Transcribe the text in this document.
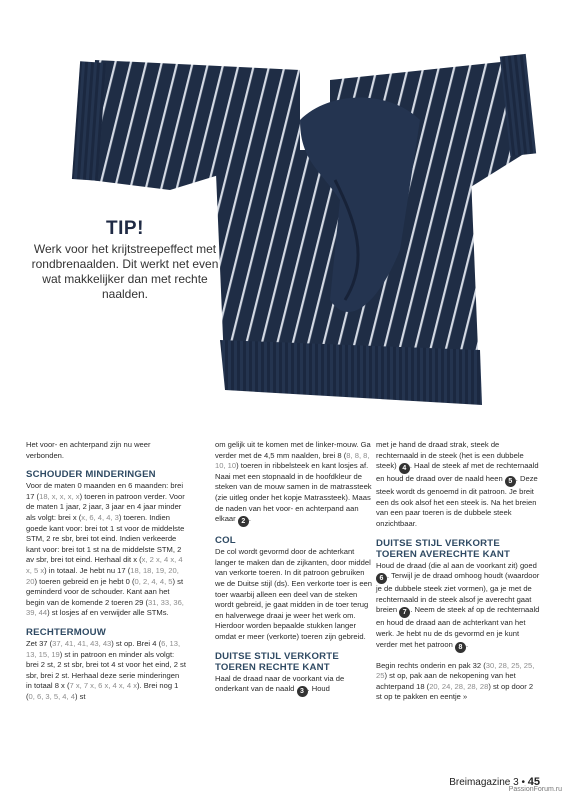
TIP!
Werk voor het krijtstreepeffect met rondbrenaalden. Dit werkt net even wat makkelijker dan met rechte naalden.

Het voor- en achterpand zijn nu weer verbonden.

SCHOUDER MINDERINGEN

Voor de maten 0 maanden en 6 maanden: brei 17 (18, x, x, x, x) toeren in patroon verder. Voor de maten 1 jaar, 2 jaar, 3 jaar en 4 jaar minder als volgt: brei x (x, 6, 4, 4, 3) toeren. Indien goede kant voor: brei tot 1 st voor de middelste STM, 2 re sbr, brei tot eind. Indien verkeerde kant voor: brei tot 1 st na de middelste STM, 2 av sbr, brei tot eind. Herhaal dit x (x, 2 x, 4 x, 4 x, 5 x) in totaal. Je hebt nu 17 (18, 18, 19, 20, 20) toeren gebreid en je hebt 0 (0, 2, 4, 4, 5) st geminderd voor de schouder. Kant aan het begin van de komende 2 toeren 29 (31, 33, 36, 39, 44) st losjes af en verwijder alle STMs.

RECHTERMOUW

Zet 37 (37, 41, 41, 43, 43) st op. Brei 4 (6, 13, 13, 15, 19) st in patroon en minder als volgt: brei 2 st, 2 st sbr, brei tot 4 st voor het eind, 2 st sbr, brei 2 st. Herhaal deze serie minderingen in totaal 8 x (7 x, 7 x, 6 x, 4 x, 4 x). Brei nog 1 (0, 6, 3, 5, 4, 4) st

om gelijk uit te komen met de linker-mouw. Ga verder met de 4,5 mm naalden, brei 8 (8, 8, 8, 10, 10) toeren in ribbelsteek en kant losjes af. Naai met een stopnaald in de hoofdkleur de steken van de mouw samen in de matrassteek (zie uitleg onder het kopje Matrassteek). Maas de naden van het voor- en achterpand aan elkaar 2 .

COL

De col wordt gevormd door de achterkant langer te maken dan de zijkanten, door middel van verkorte toeren. In dit patroon gebruiken we de Duitse stijl (ds). Een verkorte toer is een toer waarbij alleen een deel van de steken wordt gebreid, je gaat midden in de toer terug en halverwege draai je weer het werk om. Hierdoor worden bepaalde stukken langer omdat er meer (verkorte) toeren zijn gebreid.

DUITSE STIJL VERKORTE TOEREN RECHTE KANT

Haal de draad naar de voorkant via de onderkant van de naald 3 . Houd

met je hand de draad strak, steek de rechternaald in de steek (het is een dubbele steek) 4 . Haal de steek af met de rechternaald en houd de draad over de naald heen 5 . Deze steek wordt ds genoemd in dit patroon. Je breit een ds ook alsof het een steek is. Na het breien van een paar toeren is de dubbele steek onzichtbaar.

DUITSE STIJL VERKORTE TOEREN AVERECHTE KANT

Houd de draad (die al aan de voorkant zit) goed 6 . Terwijl je de draad omhoog houdt (waardoor je de dubbele steek ziet vormen), ga je met de rechternaald in de steek alsof je averecht gaat breien 7 . Neem de steek af op de rechternaald en houd de draad aan de achterkant van het werk. Je hebt nu de ds gevormd en je kunt verder met het patroon 8 .

Begin rechts onderin en pak 32 (30, 28, 25, 25, 25) st op, pak aan de nekopening van het achterpand 18 (20, 24, 28, 28, 28) st op door 2 st op te pakken en eentje »

Breimagazine 3 • 45
PassionForum.ru
